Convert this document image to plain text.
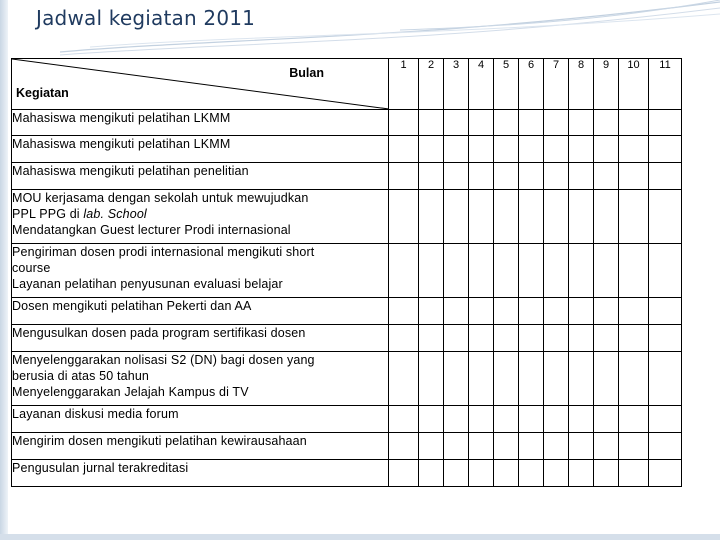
Jadwal kegiatan 2011
Bulan
Kegiatan	1	2	3	4	5	6	7	8	9	10	11

Mahasiswa mengikuti pelatihan LKMM											

Mahasiswa mengikuti pelatihan LKMM											

Mahasiswa mengikuti pelatihan penelitian											

MOU kerjasama dengan sekolah untuk mewujudkan
PPL PPG di lab. School
Mendatangkan Guest lecturer Prodi internasional											

Pengiriman dosen prodi internasional mengikuti short
course
Layanan pelatihan penyusunan evaluasi belajar											

Dosen mengikuti pelatihan Pekerti dan AA											

Mengusulkan dosen pada program sertifikasi dosen											

Menyelenggarakan nolisasi S2 (DN) bagi dosen yang
berusia di atas 50 tahun
Menyelenggarakan Jelajah Kampus di TV											

Layanan diskusi media forum											

Mengirim dosen mengikuti pelatihan kewirausahaan											

Pengusulan jurnal terakreditasi											
